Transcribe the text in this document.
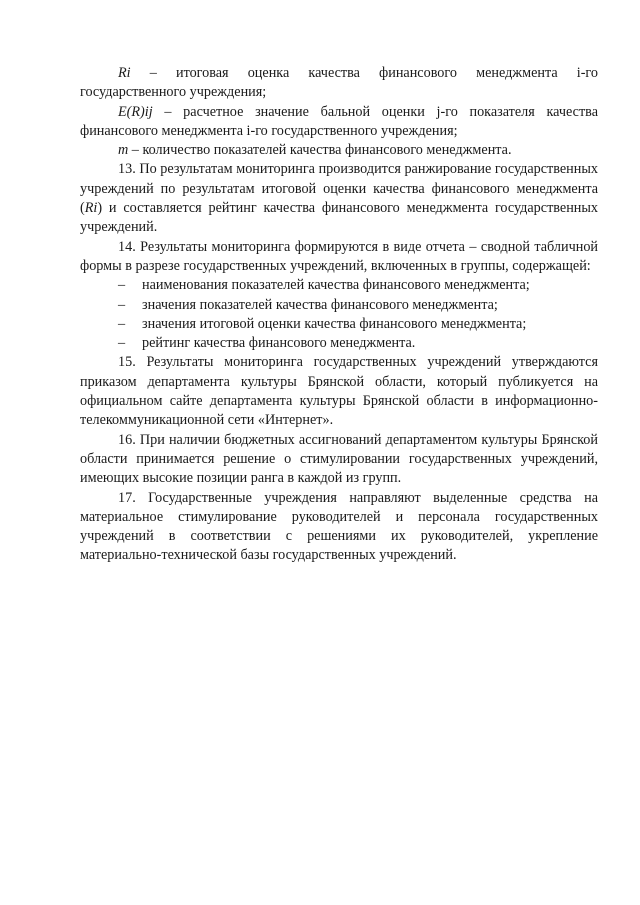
Ri – итоговая оценка качества финансового менеджмента i-го государственного учреждения;

E(R)ij – расчетное значение бальной оценки j-го показателя качества финансового менеджмента i-го государственного учреждения;

m – количество показателей качества финансового менеджмента.

13. По результатам мониторинга производится ранжирование государственных учреждений по результатам итоговой оценки качества финансового менеджмента (Ri) и составляется рейтинг качества финансового менеджмента государственных учреждений.

14. Результаты мониторинга формируются в виде отчета – сводной табличной формы в разрезе государственных учреждений, включенных в группы, содержащей:

– наименования показателей качества финансового менеджмента;

– значения показателей качества финансового менеджмента;

– значения итоговой оценки качества финансового менеджмента;

– рейтинг качества финансового менеджмента.

15. Результаты мониторинга государственных учреждений утверждаются приказом департамента культуры Брянской области, который публикуется на официальном сайте департамента культуры Брянской области в информационно-телекоммуникационной сети «Интернет».

16. При наличии бюджетных ассигнований департаментом культуры Брянской области принимается решение о стимулировании государственных учреждений, имеющих высокие позиции ранга в каждой из групп.

17. Государственные учреждения направляют выделенные средства на материальное стимулирование руководителей и персонала государственных учреждений в соответствии с решениями их руководителей, укрепление материально-технической базы государственных учреждений.
